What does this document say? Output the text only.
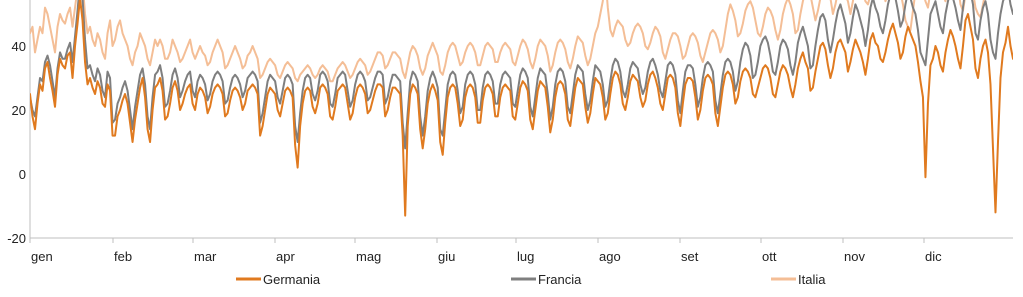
-20
0
20
40
gen	feb	mar	apr	mag	giu	lug	ago	set	ott	nov	dic
Germania	Francia	Italia
